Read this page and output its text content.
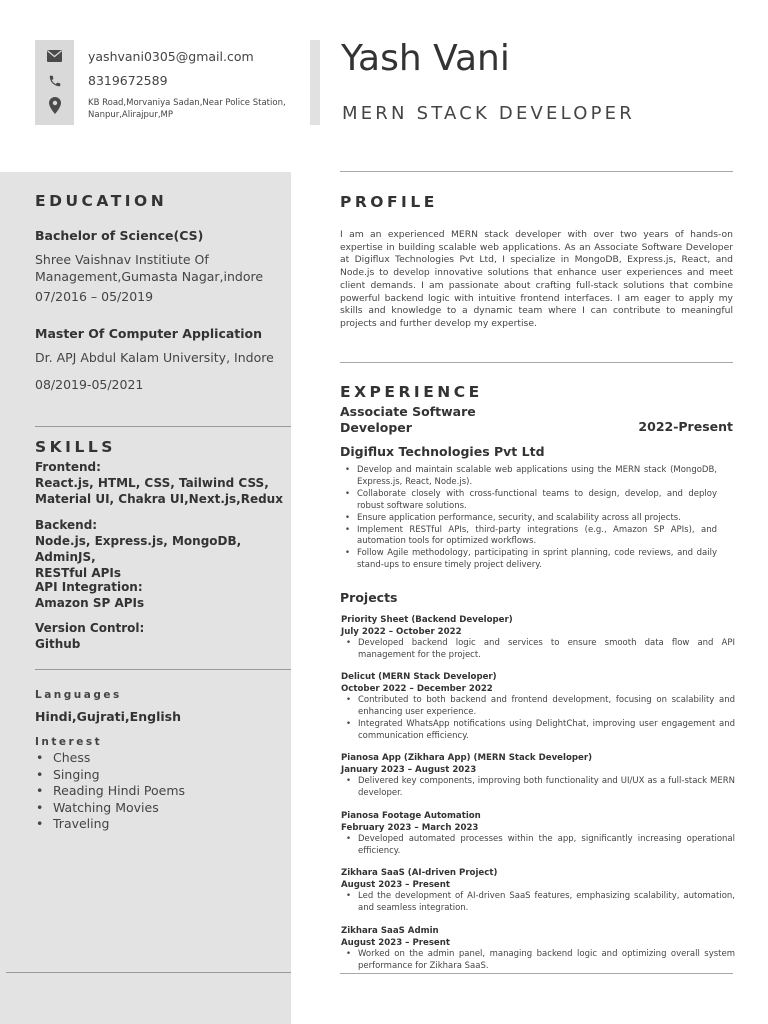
yashvani0305@gmail.com
8319672589
KB Road,Morvaniya Sadan,Near Police Station,
Nanpur,Alirajpur,MP
Yash Vani
MERN STACK DEVELOPER
EDUCATION
Bachelor of Science(CS)
Shree Vaishnav Institiute Of
Management,Gumasta Nagar,indore
07/2016 – 05/2019
Master Of Computer Application
Dr. APJ Abdul Kalam University, Indore
08/2019-05/2021
SKILLS
Frontend:
React.js, HTML, CSS, Tailwind CSS,
Material UI, Chakra UI,Next.js,Redux
Backend:
Node.js, Express.js, MongoDB, AdminJS,
RESTful APIs
API Integration:
Amazon SP APIs
Version Control:
Github
Languages
Hindi,Gujrati,English
Interest
• Chess
• Singing
• Reading Hindi Poems
• Watching Movies
• Traveling
PROFILE
I am an experienced MERN stack developer with over two years of hands-on expertise in building scalable web applications. As an Associate Software Developer at Digiflux Technologies Pvt Ltd, I specialize in MongoDB, Express.js, React, and Node.js to develop innovative solutions that enhance user experiences and meet client demands. I am passionate about crafting full-stack solutions that combine powerful backend logic with intuitive frontend interfaces. I am eager to apply my skills and knowledge to a dynamic team where I can contribute to meaningful projects and further develop my expertise.
EXPERIENCE
Associate Software
Developer	2022-Present
Digiflux Technologies Pvt Ltd
• Develop and maintain scalable web applications using the MERN stack (MongoDB, Express.js, React, Node.js).
• Collaborate closely with cross-functional teams to design, develop, and deploy robust software solutions.
• Ensure application performance, security, and scalability across all projects.
• Implement RESTful APIs, third-party integrations (e.g., Amazon SP APIs), and automation tools for optimized workflows.
• Follow Agile methodology, participating in sprint planning, code reviews, and daily stand-ups to ensure timely project delivery.
Projects
Priority Sheet (Backend Developer)
July 2022 – October 2022
• Developed backend logic and services to ensure smooth data flow and API management for the project.
Delicut (MERN Stack Developer)
October 2022 – December 2022
• Contributed to both backend and frontend development, focusing on scalability and enhancing user experience.
• Integrated WhatsApp notifications using DelightChat, improving user engagement and communication efficiency.
Pianosa App (Zikhara App) (MERN Stack Developer)
January 2023 – August 2023
• Delivered key components, improving both functionality and UI/UX as a full-stack MERN developer.
Pianosa Footage Automation
February 2023 – March 2023
• Developed automated processes within the app, significantly increasing operational efficiency.
Zikhara SaaS (AI-driven Project)
August 2023 – Present
• Led the development of AI-driven SaaS features, emphasizing scalability, automation, and seamless integration.
Zikhara SaaS Admin
August 2023 – Present
• Worked on the admin panel, managing backend logic and optimizing overall system performance for Zikhara SaaS.
